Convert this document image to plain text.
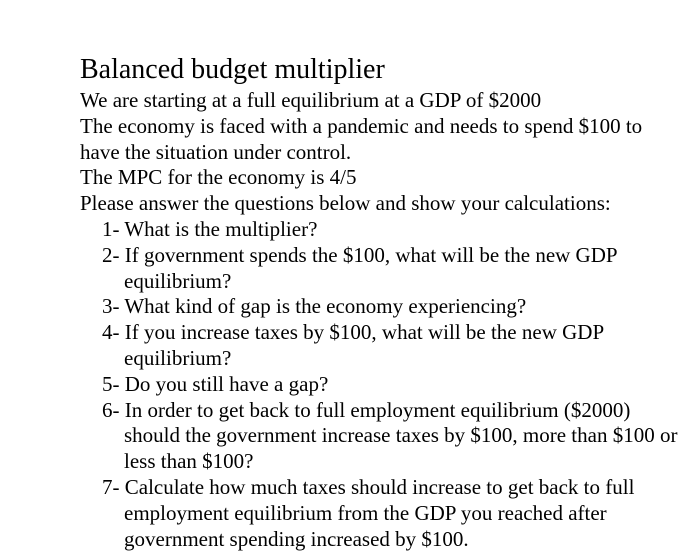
Balanced budget multiplier

We are starting at a full equilibrium at a GDP of $2000

The economy is faced with a pandemic and needs to spend $100 to have the situation under control.

The MPC for the economy is 4/5

Please answer the questions below and show your calculations:

1- What is the multiplier?
2- If government spends the $100, what will be the new GDP equilibrium?
3- What kind of gap is the economy experiencing?
4- If you increase taxes by $100, what will be the new GDP equilibrium?
5- Do you still have a gap?
6- In order to get back to full employment equilibrium ($2000) should the government increase taxes by $100, more than $100 or less than $100?
7- Calculate how much taxes should increase to get back to full employment equilibrium from the GDP you reached after government spending increased by $100.
